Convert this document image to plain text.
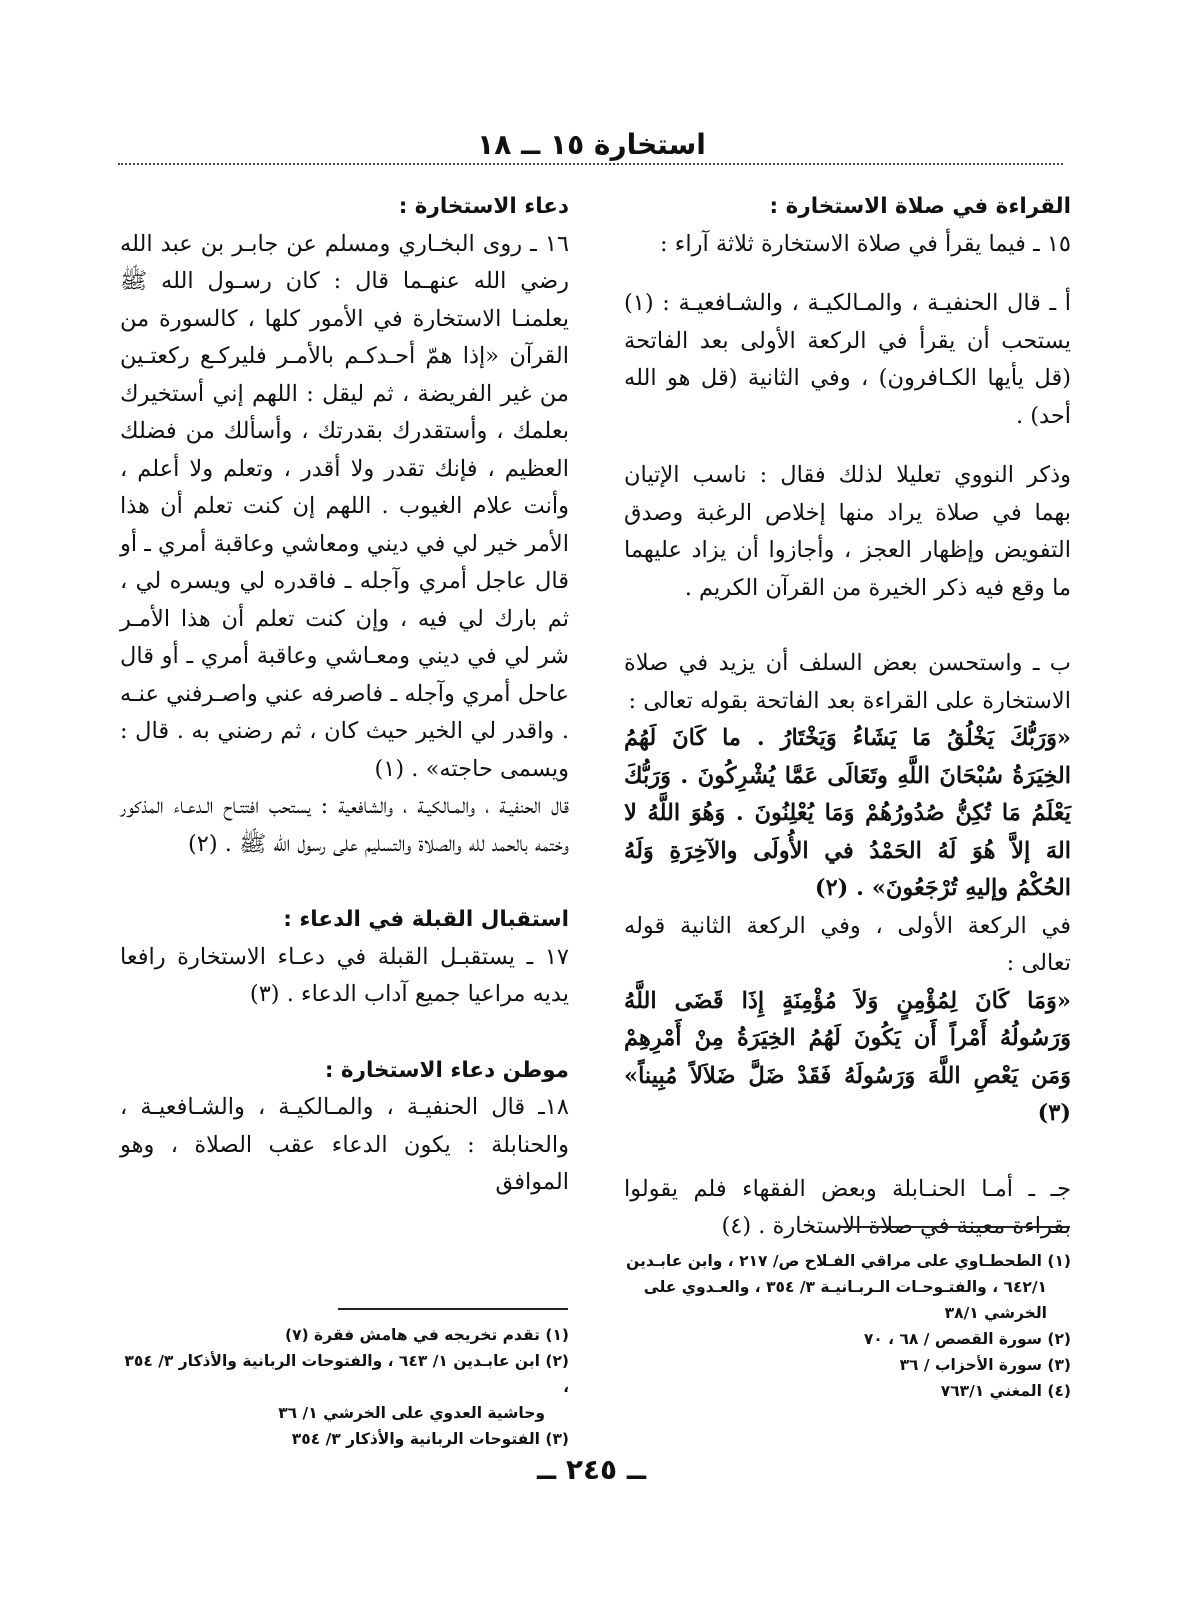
استخارة ١٥ ــ ١٨
القراءة في صلاة الاستخارة :

١٥ ـ فيما يقرأ في صلاة الاستخارة ثلاثة آراء :

أ ـ قال الحنفيـة ، والمـالكيـة ، والشـافعيـة : (١) يستحب أن يقرأ في الركعة الأولى بعد الفاتحة (قل يأيها الكـافرون) ، وفي الثانية (قل هو الله أحد) .

وذكر النووي تعليلا لذلك فقال : ناسب الإتيان بهما في صلاة يراد منها إخلاص الرغبة وصدق التفويض وإظهار العجز ، وأجازوا أن يزاد عليهما ما وقع فيه ذكر الخيرة من القرآن الكريم .

ب ـ واستحسن بعض السلف أن يزيد في صلاة الاستخارة على القراءة بعد الفاتحة بقوله تعالى :

«وَرَبُّكَ يَخْلُقُ مَا يَشَاءُ وَيَخْتَارُ . ما كَانَ لَهُمُ الخِيَرَةُ سُبْحَانَ اللَّهِ وتَعَالَى عَمَّا يُشْرِكُونَ . وَرَبُّكَ يَعْلَمُ مَا تُكِنُّ صُدُورُهُمْ وَمَا يُعْلِنُونَ . وَهُوَ اللَّهُ لا الهَ إلاَّ هُوَ لَهُ الحَمْدُ في الأُولَى والآخِرَةِ وَلَهُ الحُكْمُ وإليهِ تُرْجَعُونَ» . (٢)

في الركعة الأولى ، وفي الركعة الثانية قوله تعالى :

«وَمَا كَانَ لِمُؤْمِنٍ وَلاَ مُؤْمِنَةٍ إِذَا قَضَى اللَّهُ وَرَسُولُهُ أَمْراً أَن يَكُونَ لَهُمُ الخِيَرَةُ مِنْ أَمْرِهِمْ وَمَن يَعْصِ اللَّهَ وَرَسُولَهُ فَقَدْ ضَلَّ ضَلاَلاً مُبِيناً» (٣)

جـ ـ أمـا الحنـابلة وبعض الفقهاء فلم يقولوا بقراءة معينة في صلاة الاستخارة . (٤)

دعاء الاستخارة :

١٦ ـ روى البخـاري ومسلم عن جابـر بن عبد الله رضي الله عنهـما قال : كان رسـول الله ﷺ يعلمنـا الاستخارة في الأمور كلها ، كالسورة من القرآن «إذا همّ أحـدكـم بالأمـر فليركـع ركعتـين من غير الفريضة ، ثم ليقل : اللهم إني أستخيرك بعلمك ، وأستقدرك بقدرتك ، وأسألك من فضلك العظيم ، فإنك تقدر ولا أقدر ، وتعلم ولا أعلم ، وأنت علام الغيوب . اللهم إن كنت تعلم أن هذا الأمر خير لي في ديني ومعاشي وعاقبة أمري ـ أو قال عاجل أمري وآجله ـ فاقدره لي ويسره لي ، ثم بارك لي فيه ، وإن كنت تعلم أن هذا الأمـر شر لي في ديني ومعـاشي وعاقبة أمري ـ أو قال عاحل أمري وآجله ـ فاصرفه عني واصـرفني عنـه . واقدر لي الخير حيث كان ، ثم رضني به . قال : ويسمى حاجته» . (١)

قال الحنفيـة ، والمـالكيـة ، والشافعية : يستحب افتتـاح الـدعـاء المذكور وختمه بالحمد لله والصلاة والتسليم على رسول الله ﷺ . (٢)

استقبال القبلة في الدعاء :

١٧ ـ يستقبـل القبلة في دعـاء الاستخارة رافعا يديه مراعيا جميع آداب الدعاء . (٣)

موطن دعاء الاستخارة :

١٨ـ قال الحنفيـة ، والمـالكيـة ، والشـافعيـة ، والحنابلة : يكون الدعاء عقب الصلاة ، وهو الموافق

(١) الطحطـاوي على مراقي الفـلاح ص/ ٢١٧ ، وابن عابـدين
٦٤٢/١ ، والفتـوحـات الـربـانيـة ٣/ ٣٥٤ ، والعـدوي على
الخرشي ٣٨/١
(٢) سورة القصص / ٦٨ ، ٧٠
(٣) سورة الأحزاب / ٣٦
(٤) المغني ٧٦٣/١
(١) تقدم تخريجه في هامش فقرة (٧)
(٢) ابن عابـدين ١/ ٦٤٣ ، والفتوحات الربانية والأذكار ٣/ ٣٥٤ ،
وحاشية العدوي على الخرشي ١/ ٣٦
(٣) الفتوحات الربانية والأذكار ٣/ ٣٥٤
ــ ٢٤٥ ــ
